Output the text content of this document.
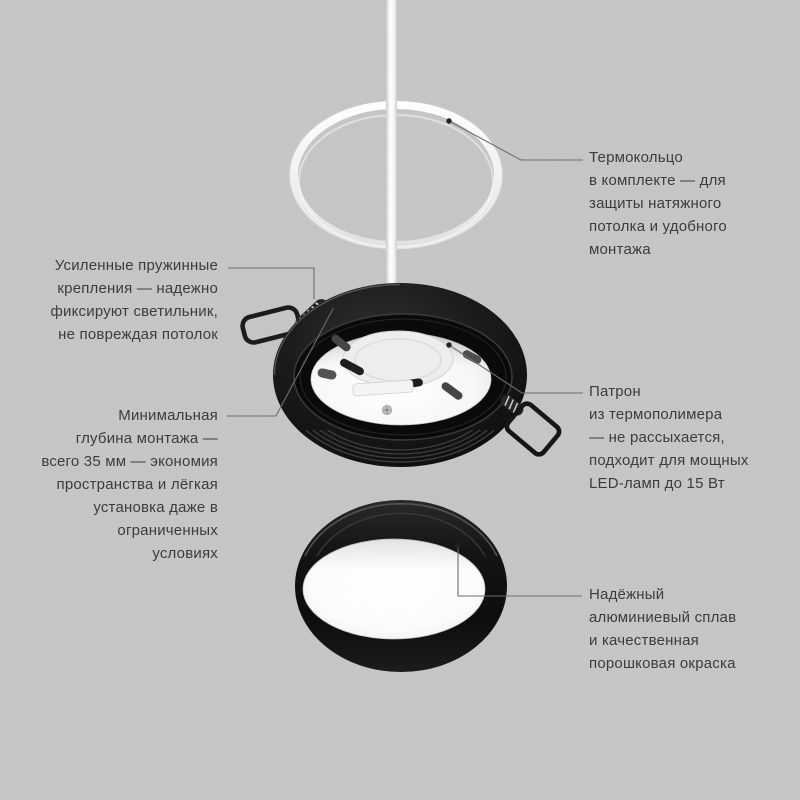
Термокольцо
в комплекте — для
защиты натяжного
потолка и удобного
монтажа
Усиленные пружинные
крепления — надежно
фиксируют светильник,
не повреждая потолок
Минимальная
глубина монтажа —
всего 35 мм — экономия
пространства и лёгкая
установка даже в
ограниченных
условиях
Патрон
из термополимера
— не рассыхается,
подходит для мощных
LED-ламп до 15 Вт
Надёжный
алюминиевый сплав
и качественная
порошковая окраска
